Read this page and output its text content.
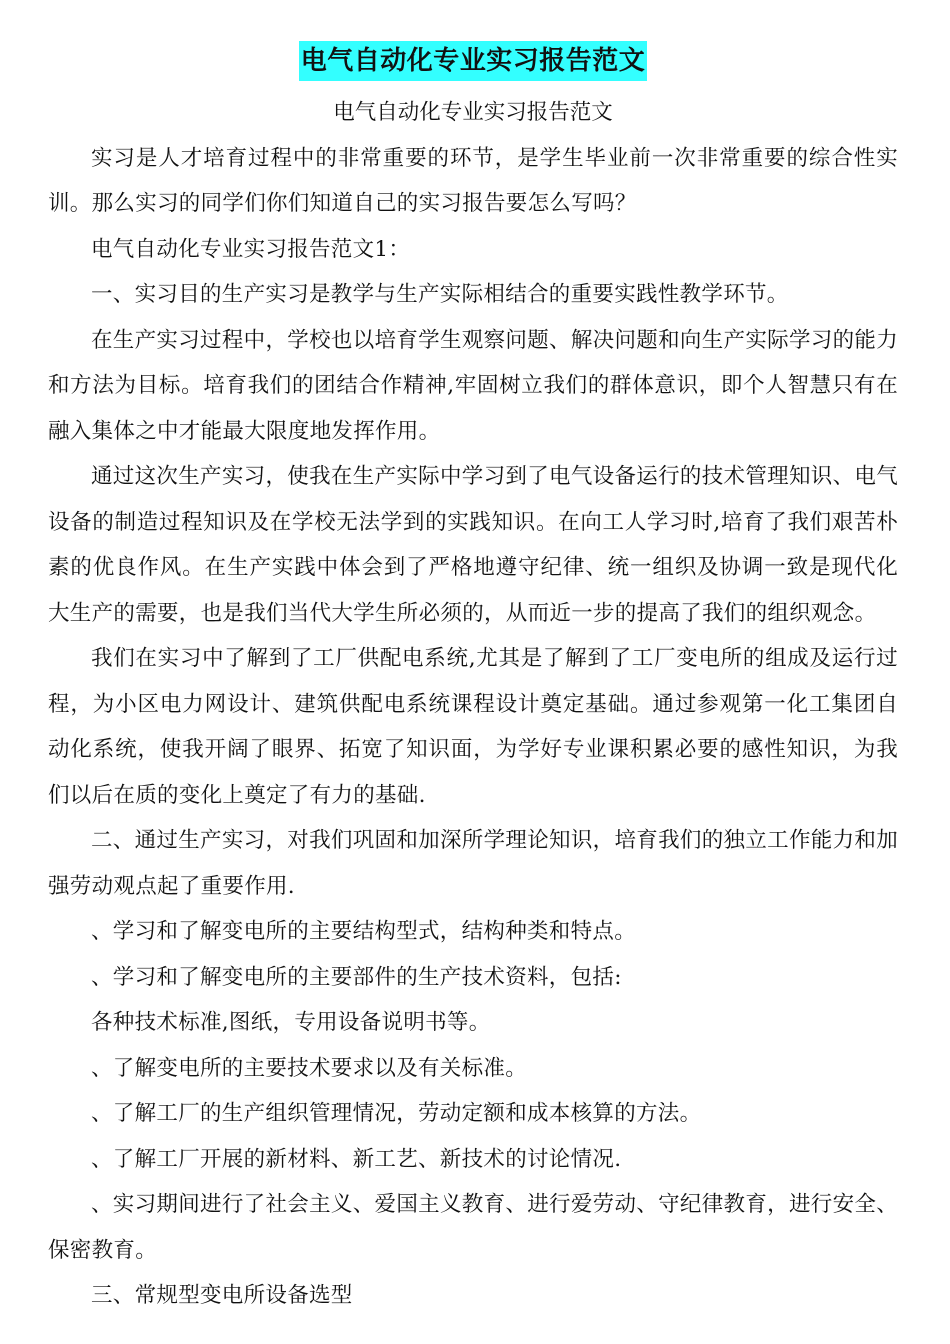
电气自动化专业实习报告范文

电气自动化专业实习报告范文

实习是人才培育过程中的非常重要的环节，是学生毕业前一次非常重要的综合性实训。那么实习的同学们你们知道自己的实习报告要怎么写吗？

电气自动化专业实习报告范文1：

一、实习目的生产实习是教学与生产实际相结合的重要实践性教学环节。

在生产实习过程中，学校也以培育学生观察问题、解决问题和向生产实际学习的能力和方法为目标。培育我们的团结合作精神,牢固树立我们的群体意识，即个人智慧只有在融入集体之中才能最大限度地发挥作用。

通过这次生产实习，使我在生产实际中学习到了电气设备运行的技术管理知识、电气设备的制造过程知识及在学校无法学到的实践知识。在向工人学习时,培育了我们艰苦朴素的优良作风。在生产实践中体会到了严格地遵守纪律、统一组织及协调一致是现代化大生产的需要，也是我们当代大学生所必须的，从而近一步的提高了我们的组织观念。

我们在实习中了解到了工厂供配电系统,尤其是了解到了工厂变电所的组成及运行过程，为小区电力网设计、建筑供配电系统课程设计奠定基础。通过参观第一化工集团自动化系统，使我开阔了眼界、拓宽了知识面，为学好专业课积累必要的感性知识，为我们以后在质的变化上奠定了有力的基础.

二、通过生产实习，对我们巩固和加深所学理论知识，培育我们的独立工作能力和加强劳动观点起了重要作用.

、学习和了解变电所的主要结构型式，结构种类和特点。

、学习和了解变电所的主要部件的生产技术资料，包括:

各种技术标准,图纸，专用设备说明书等。

、了解变电所的主要技术要求以及有关标准。

、了解工厂的生产组织管理情况，劳动定额和成本核算的方法。

、了解工厂开展的新材料、新工艺、新技术的讨论情况.

、实习期间进行了社会主义、爱国主义教育、进行爱劳动、守纪律教育，进行安全、保密教育。

三、常规型变电所设备选型
